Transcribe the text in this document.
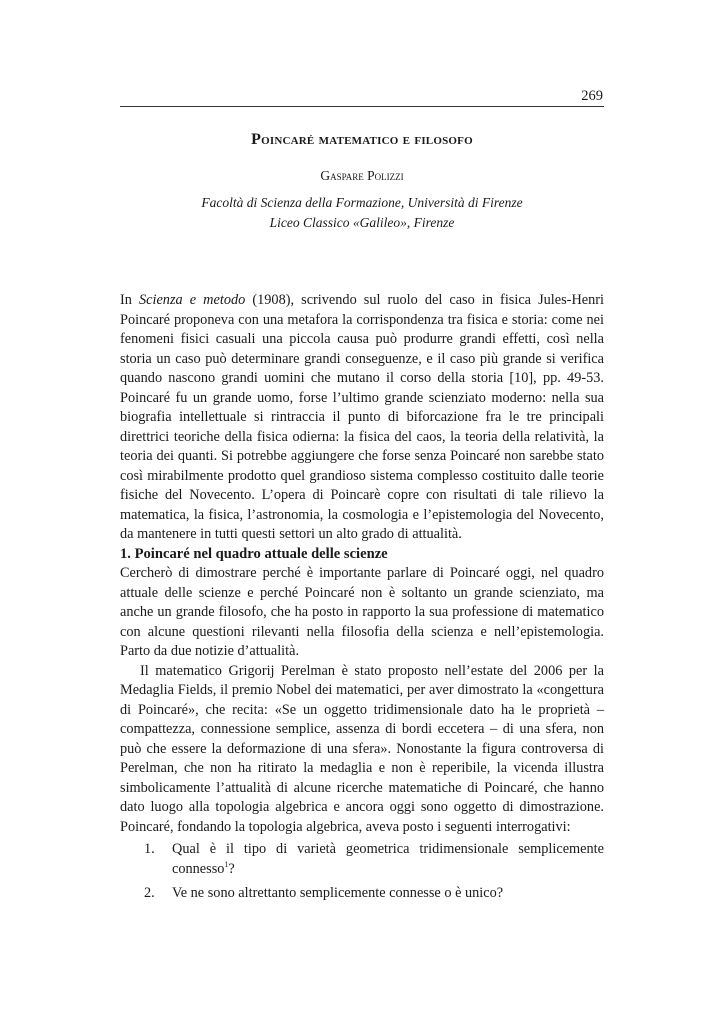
269
Poincaré matematico e filosofo
Gaspare Polizzi
Facoltà di Scienza della Formazione, Università di Firenze
Liceo Classico «Galileo», Firenze

In Scienza e metodo (1908), scrivendo sul ruolo del caso in fisica Jules-Henri Poincaré proponeva con una metafora la corrispondenza tra fisica e storia: come nei fenomeni fisici casuali una piccola causa può produrre grandi effetti, così nella storia un caso può determinare grandi conseguenze, e il caso più grande si verifica quando nascono grandi uomini che mutano il corso della storia [10], pp. 49-53. Poincaré fu un grande uomo, forse l’ultimo grande scienziato moderno: nella sua biografia intellettuale si rintraccia il punto di biforcazione fra le tre principali direttrici teoriche della fisica odierna: la fisica del caos, la teoria della relatività, la teoria dei quanti. Si potrebbe aggiungere che forse senza Poincaré non sarebbe stato così mirabilmente prodotto quel grandioso sistema complesso costituito dalle teorie fisiche del Novecento. L’opera di Poincarè copre con risultati di tale rilievo la matematica, la fisica, l’astronomia, la cosmologia e l’epistemologia del Novecento, da mantenere in tutti questi settori un alto grado di attualità.

1. Poincaré nel quadro attuale delle scienze

Cercherò di dimostrare perché è importante parlare di Poincaré oggi, nel quadro attuale delle scienze e perché Poincaré non è soltanto un grande scienziato, ma anche un grande filosofo, che ha posto in rapporto la sua professione di matematico con alcune questioni rilevanti nella filosofia della scienza e nell’epistemologia. Parto da due notizie d’attualità.

Il matematico Grigorij Perelman è stato proposto nell’estate del 2006 per la Medaglia Fields, il premio Nobel dei matematici, per aver dimostrato la «congettura di Poincaré», che recita: «Se un oggetto tridimensionale dato ha le proprietà – compattezza, connessione semplice, assenza di bordi eccetera – di una sfera, non può che essere la deformazione di una sfera». Nonostante la figura controversa di Perelman, che non ha ritirato la medaglia e non è reperibile, la vicenda illustra simbolicamente l’attualità di alcune ricerche matematiche di Poincaré, che hanno dato luogo alla topologia algebrica e ancora oggi sono oggetto di dimostrazione. Poincaré, fondando la topologia algebrica, aveva posto i seguenti interrogativi:

1.	Qual è il tipo di varietà geometrica tridimensionale semplicemente connesso$^1$?
2.	Ve ne sono altrettanto semplicemente connesse o è unico?
